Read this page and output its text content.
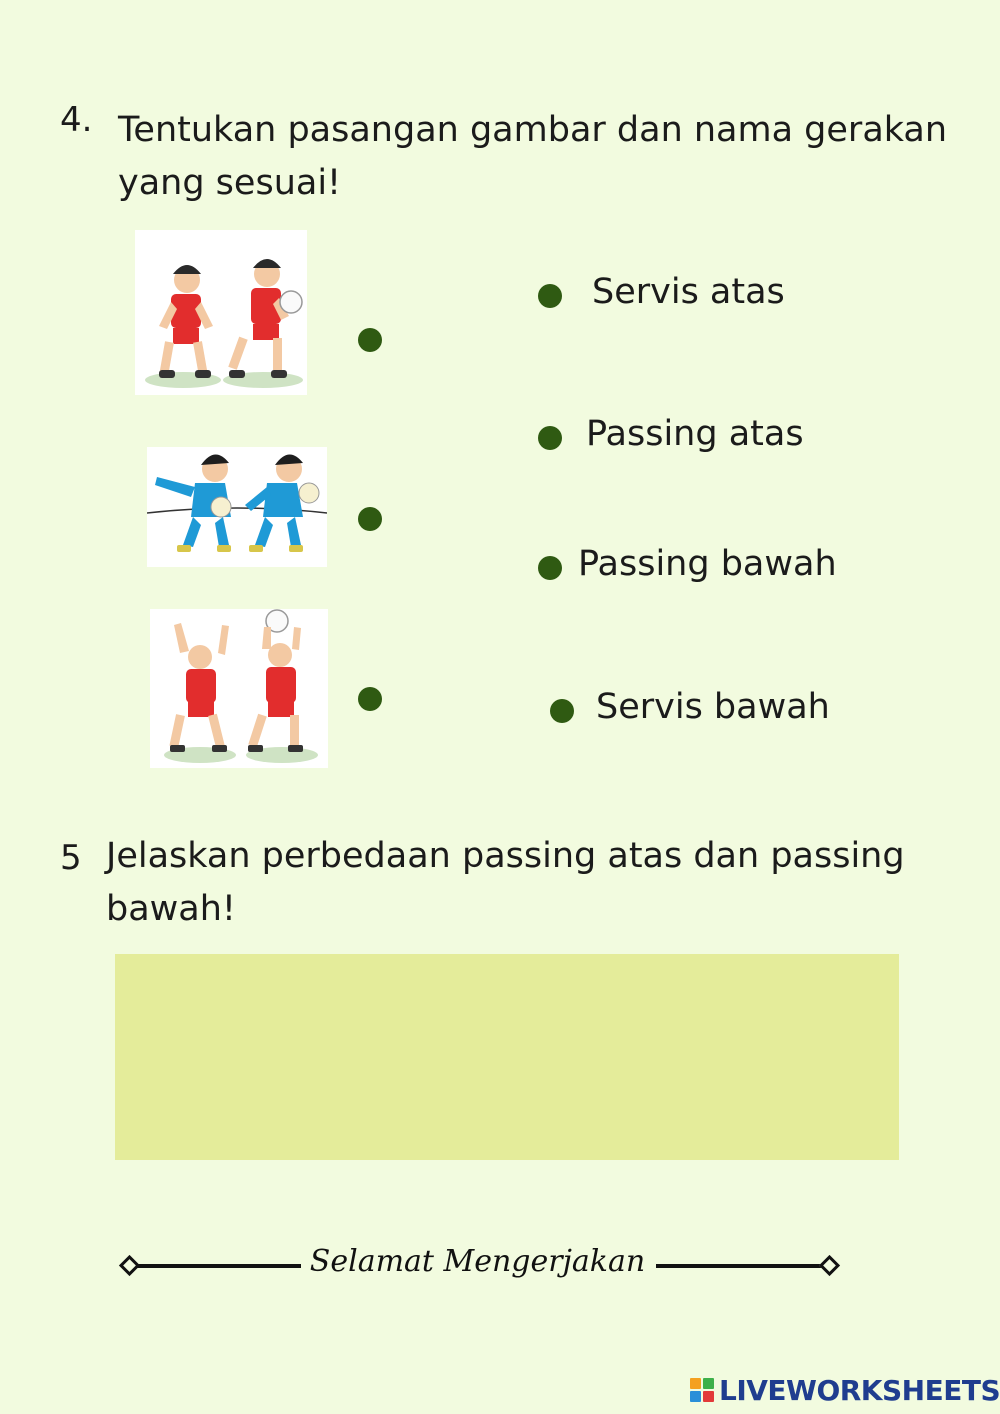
4. Tentukan pasangan gambar dan nama gerakan
yang sesuai!
Servis atas
Passing atas
Passing bawah
Servis bawah
5 Jelaskan perbedaan passing atas dan passing
bawah!
Selamat Mengerjakan
LIVEWORKSHEETS
